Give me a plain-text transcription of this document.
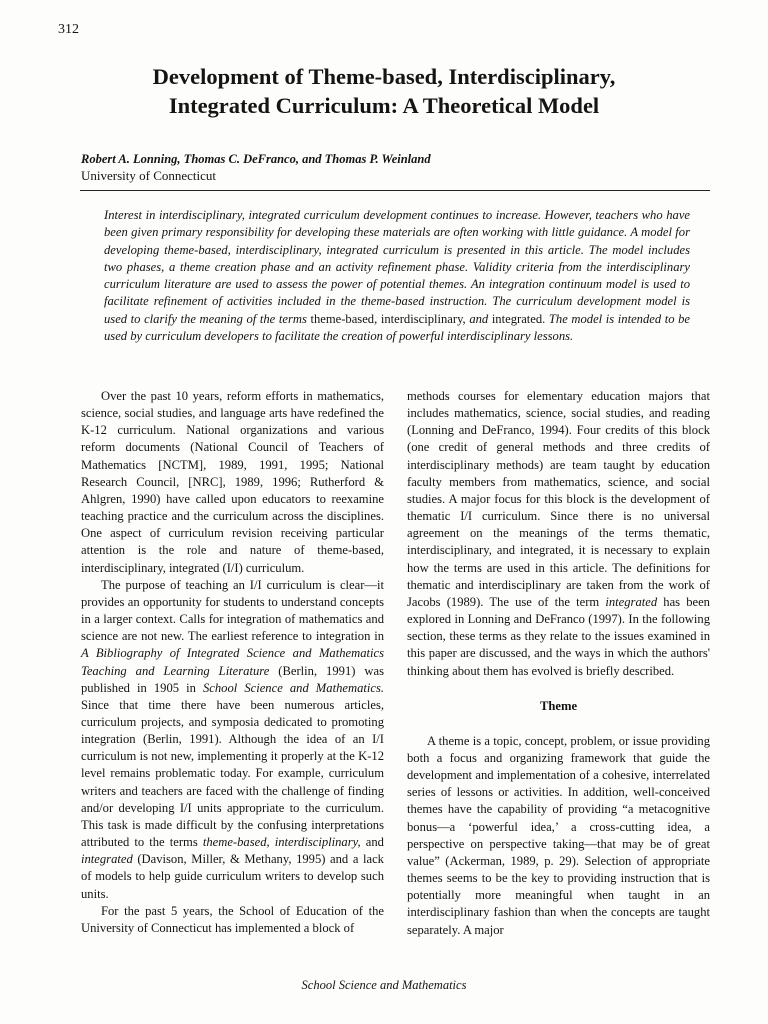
312
Development of Theme-based, Interdisciplinary,
Integrated Curriculum: A Theoretical Model
Robert A. Lonning, Thomas C. DeFranco, and Thomas P. Weinland
University of Connecticut
Interest in interdisciplinary, integrated curriculum development continues to increase. However, teachers who have been given primary responsibility for developing these materials are often working with little guidance. A model for developing theme-based, interdisciplinary, integrated curriculum is presented in this article. The model includes two phases, a theme creation phase and an activity refinement phase. Validity criteria from the interdisciplinary curriculum literature are used to assess the power of potential themes. An integration continuum model is used to facilitate refinement of activities included in the theme-based instruction. The curriculum development model is used to clarify the meaning of the terms theme-based, interdisciplinary, and integrated. The model is intended to be used by curriculum developers to facilitate the creation of powerful interdisciplinary lessons.

Over the past 10 years, reform efforts in mathematics, science, social studies, and language arts have redefined the K-12 curriculum. National organizations and various reform documents (National Council of Teachers of Mathematics [NCTM], 1989, 1991, 1995; National Research Council, [NRC], 1989, 1996; Rutherford & Ahlgren, 1990) have called upon educators to reexamine teaching practice and the curriculum across the disciplines. One aspect of curriculum revision receiving particular attention is the role and nature of theme-based, interdisciplinary, integrated (I/I) curriculum.

The purpose of teaching an I/I curriculum is clear—it provides an opportunity for students to understand concepts in a larger context. Calls for integration of mathematics and science are not new. The earliest reference to integration in A Bibliography of Integrated Science and Mathematics Teaching and Learning Literature (Berlin, 1991) was published in 1905 in School Science and Mathematics. Since that time there have been numerous articles, curriculum projects, and symposia dedicated to promoting integration (Berlin, 1991). Although the idea of an I/I curriculum is not new, implementing it properly at the K-12 level remains problematic today. For example, curriculum writers and teachers are faced with the challenge of finding and/or developing I/I units appropriate to the curriculum. This task is made difficult by the confusing interpretations attributed to the terms theme-based, interdisciplinary, and integrated (Davison, Miller, & Methany, 1995) and a lack of models to help guide curriculum writers to develop such units.

For the past 5 years, the School of Education of the University of Connecticut has implemented a block of

methods courses for elementary education majors that includes mathematics, science, social studies, and reading (Lonning and DeFranco, 1994). Four credits of this block (one credit of general methods and three credits of interdisciplinary methods) are team taught by education faculty members from mathematics, science, and social studies. A major focus for this block is the development of thematic I/I curriculum. Since there is no universal agreement on the meanings of the terms thematic, interdisciplinary, and integrated, it is necessary to explain how the terms are used in this article. The definitions for thematic and interdisciplinary are taken from the work of Jacobs (1989). The use of the term integrated has been explored in Lonning and DeFranco (1997). In the following section, these terms as they relate to the issues examined in this paper are discussed, and the ways in which the authors' thinking about them has evolved is briefly described.

Theme

A theme is a topic, concept, problem, or issue providing both a focus and organizing framework that guide the development and implementation of a cohesive, interrelated series of lessons or activities. In addition, well-conceived themes have the capability of providing “a metacognitive bonus—a ‘powerful idea,’ a cross-cutting idea, a perspective on perspective taking—that may be of great value” (Ackerman, 1989, p. 29). Selection of appropriate themes seems to be the key to providing instruction that is potentially more meaningful when taught in an interdisciplinary fashion than when the concepts are taught separately. A major

School Science and Mathematics
